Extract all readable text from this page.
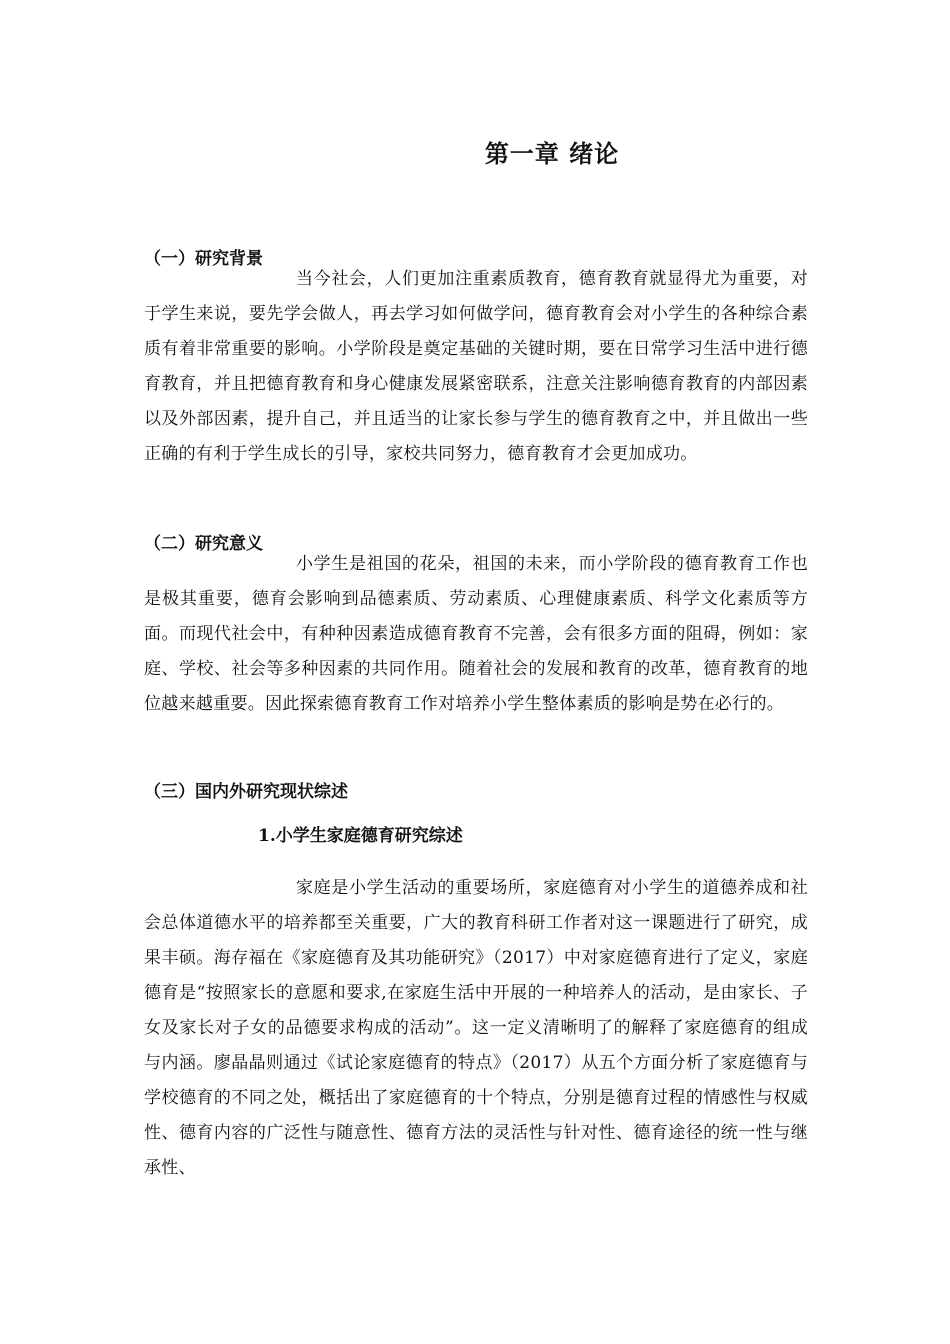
第一章 绪论
（一）研究背景

当今社会，人们更加注重素质教育，德育教育就显得尤为重要，对于学生来说，要先学会做人，再去学习如何做学问，德育教育会对小学生的各种综合素质有着非常重要的影响。小学阶段是奠定基础的关键时期，要在日常学习生活中进行德育教育，并且把德育教育和身心健康发展紧密联系，注意关注影响德育教育的内部因素以及外部因素，提升自己，并且适当的让家长参与学生的德育教育之中，并且做出一些正确的有利于学生成长的引导，家校共同努力，德育教育才会更加成功。

（二）研究意义

小学生是祖国的花朵，祖国的未来，而小学阶段的德育教育工作也是极其重要，德育会影响到品德素质、劳动素质、心理健康素质、科学文化素质等方面。而现代社会中，有种种因素造成德育教育不完善，会有很多方面的阻碍，例如：家庭、学校、社会等多种因素的共同作用。随着社会的发展和教育的改革，德育教育的地位越来越重要。因此探索德育教育工作对培养小学生整体素质的影响是势在必行的。

（三）国内外研究现状综述
1.小学生家庭德育研究综述

家庭是小学生活动的重要场所，家庭德育对小学生的道德养成和社会总体道德水平的培养都至关重要，广大的教育科研工作者对这一课题进行了研究，成果丰硕。海存福在《家庭德育及其功能研究》（2017）中对家庭德育进行了定义，家庭德育是“按照家长的意愿和要求,在家庭生活中开展的一种培养人的活动，是由家长、子女及家长对子女的品德要求构成的活动”。这一定义清晰明了的解释了家庭德育的组成与内涵。廖晶晶则通过《试论家庭德育的特点》（2017）从五个方面分析了家庭德育与学校德育的不同之处，概括出了家庭德育的十个特点，分别是德育过程的情感性与权威性、德育内容的广泛性与随意性、德育方法的灵活性与针对性、德育途径的统一性与继承性、
